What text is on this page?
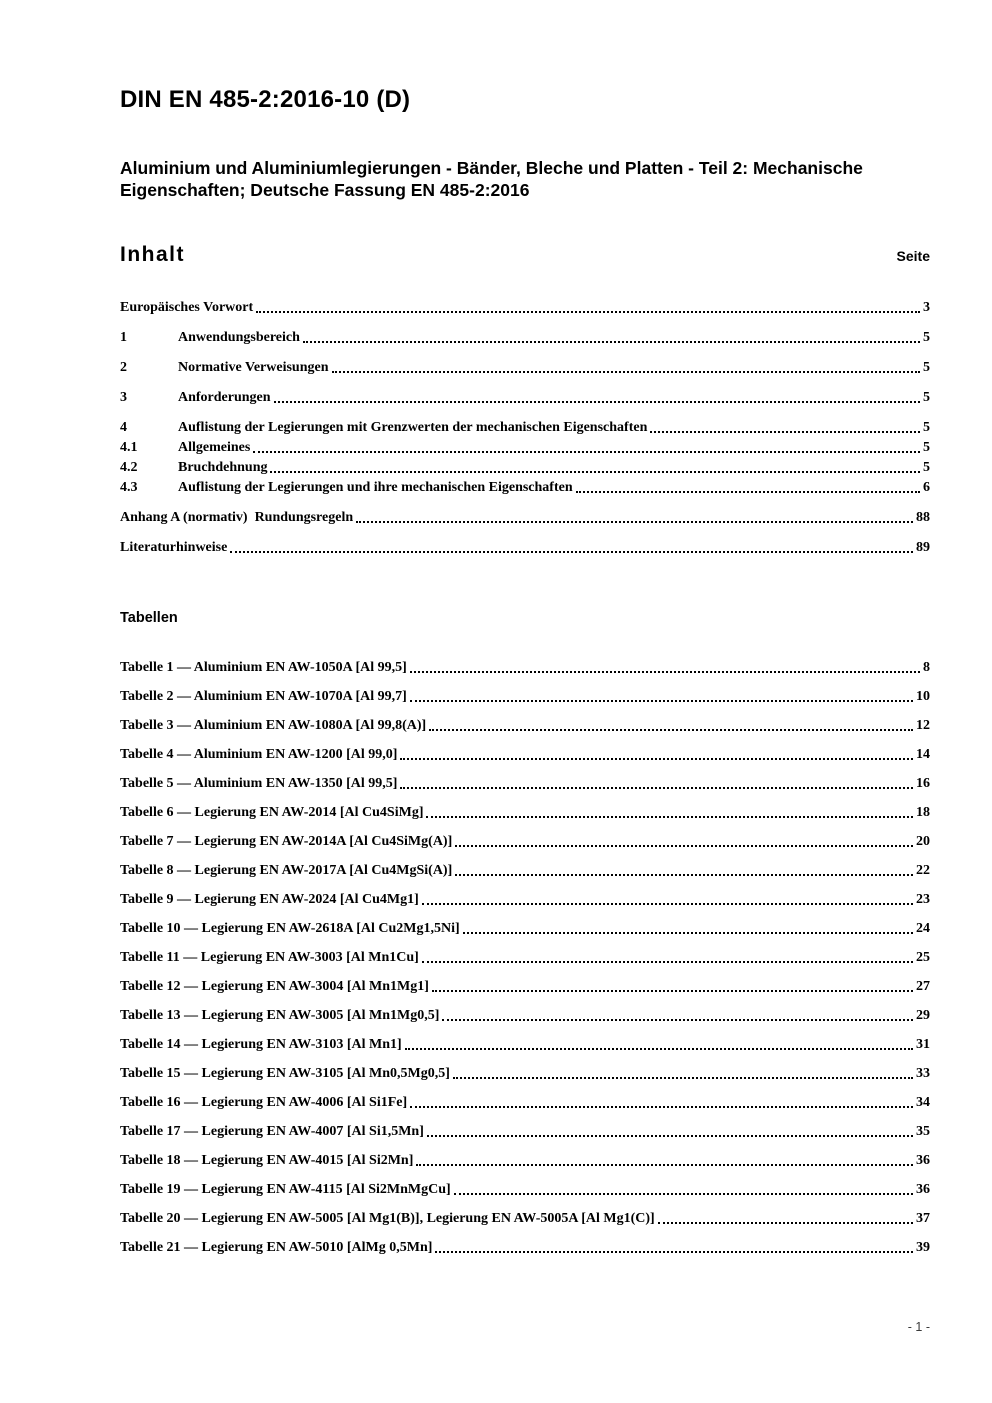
DIN EN 485-2:2016-10 (D)
Aluminium und Aluminiumlegierungen - Bänder, Bleche und Platten - Teil 2: Mechanische Eigenschaften; Deutsche Fassung EN 485-2:2016
Inhalt	Seite
Europäisches Vorwort	3
1	Anwendungsbereich	5
2	Normative Verweisungen	5
3	Anforderungen	5
4	Auflistung der Legierungen mit Grenzwerten der mechanischen Eigenschaften	5
4.1	Allgemeines	5
4.2	Bruchdehnung	5
4.3	Auflistung der Legierungen und ihre mechanischen Eigenschaften	6
Anhang A (normativ) Rundungsregeln	88
Literaturhinweise	89
Tabellen
Tabelle 1 — Aluminium EN AW-1050A [Al 99,5]	8
Tabelle 2 — Aluminium EN AW-1070A [Al 99,7]	10
Tabelle 3 — Aluminium EN AW-1080A [Al 99,8(A)]	12
Tabelle 4 — Aluminium EN AW-1200 [Al 99,0]	14
Tabelle 5 — Aluminium EN AW-1350 [Al 99,5]	16
Tabelle 6 — Legierung EN AW-2014 [Al Cu4SiMg]	18
Tabelle 7 — Legierung EN AW-2014A [Al Cu4SiMg(A)]	20
Tabelle 8 — Legierung EN AW-2017A [Al Cu4MgSi(A)]	22
Tabelle 9 — Legierung EN AW-2024 [Al Cu4Mg1]	23
Tabelle 10 — Legierung EN AW-2618A [Al Cu2Mg1,5Ni]	24
Tabelle 11 — Legierung EN AW-3003 [Al Mn1Cu]	25
Tabelle 12 — Legierung EN AW-3004 [Al Mn1Mg1]	27
Tabelle 13 — Legierung EN AW-3005 [Al Mn1Mg0,5]	29
Tabelle 14 — Legierung EN AW-3103 [Al Mn1]	31
Tabelle 15 — Legierung EN AW-3105 [Al Mn0,5Mg0,5]	33
Tabelle 16 — Legierung EN AW-4006 [Al Si1Fe]	34
Tabelle 17 — Legierung EN AW-4007 [Al Si1,5Mn]	35
Tabelle 18 — Legierung EN AW-4015 [Al Si2Mn]	36
Tabelle 19 — Legierung EN AW-4115 [Al Si2MnMgCu]	36
Tabelle 20 — Legierung EN AW-5005 [Al Mg1(B)], Legierung EN AW-5005A [Al Mg1(C)]	37
Tabelle 21 — Legierung EN AW-5010 [AlMg 0,5Mn]	39
- 1 -
